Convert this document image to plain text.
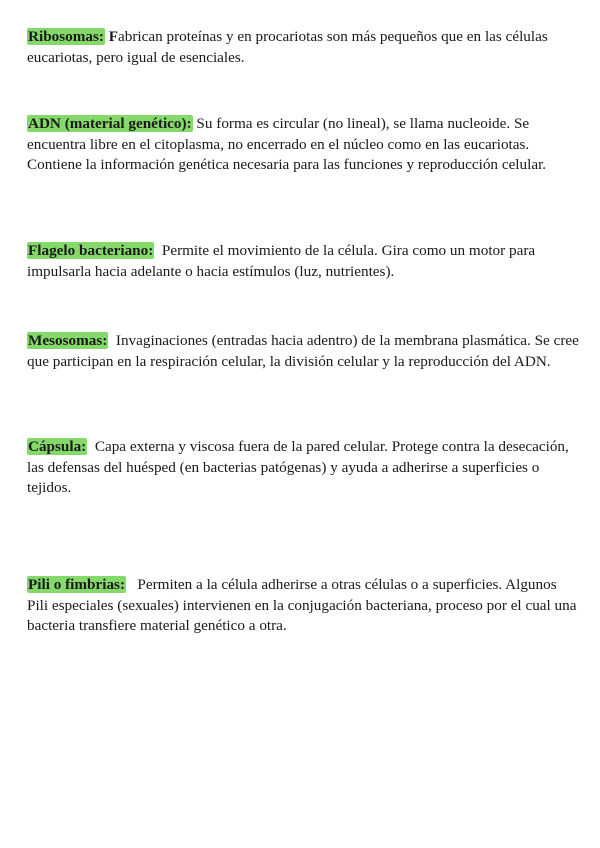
Ribosomas: Fabrican proteínas y en procariotas son más pequeños que en las células eucariotas, pero igual de esenciales.

ADN (material genético): Su forma es circular (no lineal), se llama nucleoide. Se encuentra libre en el citoplasma, no encerrado en el núcleo como en las eucariotas. Contiene la información genética necesaria para las funciones y reproducción celular.

Flagelo bacteriano:  Permite el movimiento de la célula. Gira como un motor para impulsarla hacia adelante o hacia estímulos (luz, nutrientes).

Mesosomas:  Invaginaciones (entradas hacia adentro) de la membrana plasmática. Se cree que participan en la respiración celular, la división celular y la reproducción del ADN.

Cápsula:  Capa externa y viscosa fuera de la pared celular. Protege contra la desecación, las defensas del huésped (en bacterias patógenas) y ayuda a adherirse a superficies o tejidos.

Pili o fimbrias:   Permiten a la célula adherirse a otras células o a superficies. Algunos Pili especiales (sexuales) intervienen en la conjugación bacteriana, proceso por el cual una bacteria transfiere material genético a otra.
